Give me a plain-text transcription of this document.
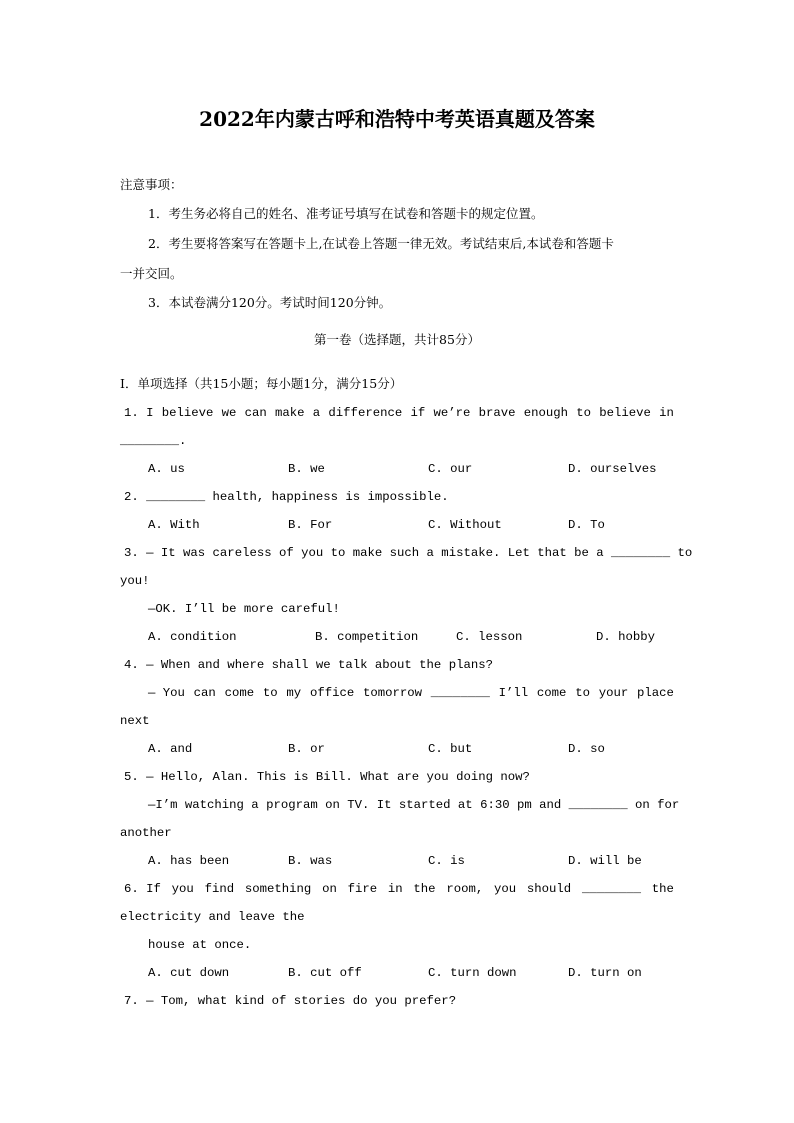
2022年内蒙古呼和浩特中考英语真题及答案
注意事项：
1．考生务必将自己的姓名、准考证号填写在试卷和答题卡的规定位置。
2．考生要将答案写在答题卡上,在试卷上答题一律无效。考试结束后,本试卷和答题卡
一并交回。
3．本试卷满分120分。考试时间120分钟。
第一卷（选择题，共计85分）
Ⅰ．单项选择（共15小题；每小题1分，满分15分）
1. I believe we can make a difference if we’re brave enough to believe in
________.
A. us	B. we	C. our	D. ourselves
2. ________ health, happiness is impossible.
A. With	B. For	C. Without	D. To
3. — It was careless of you to make such a mistake. Let that be a ________ to
you!
—OK. I’ll be more careful!
A. condition	B. competition	C. lesson	D. hobby
4. — When and where shall we talk about the plans?
— You can come to my office tomorrow ________ I’ll come to your place
next
A. and	B. or	C. but	D. so
5. — Hello, Alan. This is Bill. What are you doing now?
—I’m watching a program on TV. It started at 6:30 pm and ________ on for
another
A. has been	B. was	C. is	D. will be
6. If you find something on fire in the room, you should ________ the
electricity and leave the
house at once.
A. cut down	B. cut off	C. turn down	D. turn on
7. — Tom, what kind of stories do you prefer?
